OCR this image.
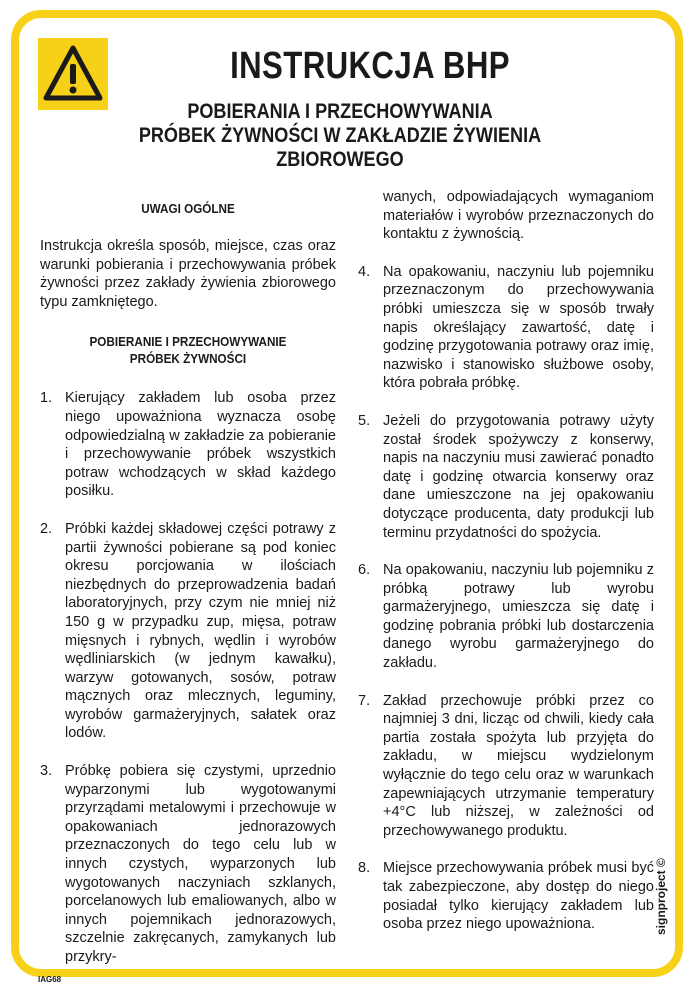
INSTRUKCJA BHP
POBIERANIA I PRZECHOWYWANIA
PRÓBEK ŻYWNOŚCI W ZAKŁADZIE ŻYWIENIA ZBIOROWEGO
UWAGI OGÓLNE

Instrukcja określa sposób, miejsce, czas oraz warunki pobierania i przechowywania próbek żywności przez zakłady żywienia zbiorowego typu zamkniętego.

POBIERANIE I PRZECHOWYWANIE
PRÓBEK ŻYWNOŚCI
1. Kierujący zakładem lub osoba przez niego upoważniona wyznacza osobę odpowiedzialną w zakładzie za pobieranie i przechowywanie próbek wszystkich potraw wchodzących w skład każdego posiłku.
2. Próbki każdej składowej części potrawy z partii żywności pobierane są pod koniec okresu porcjowania w ilościach niezbędnych do przeprowadzenia badań laboratoryjnych, przy czym nie mniej niż 150 g w przypadku zup, mięsa, potraw mięsnych i rybnych, wędlin i wyrobów wędliniarskich (w jednym kawałku), warzyw gotowanych, sosów, potraw mącznych oraz mlecznych, leguminy, wyrobów garmażeryjnych, sałatek oraz lodów.
3. Próbkę pobiera się czystymi, uprzednio wyparzonymi lub wygotowanymi przyrządami metalowymi i przechowuje w opakowaniach jednorazowych przeznaczonych do tego celu lub w innych czystych, wyparzonych lub wygotowanych naczyniach szklanych, porcelanowych lub emaliowanych, albo w innych pojemnikach jednorazowych, szczelnie zakręcanych, zamykanych lub przykry-

wanych, odpowiadających wymaganiom materiałów i wyrobów przeznaczonych do kontaktu z żywnością.

4. Na opakowaniu, naczyniu lub pojemniku przeznaczonym do przechowywania próbki umieszcza się w sposób trwały napis określający zawartość, datę i godzinę przygotowania potrawy oraz imię, nazwisko i stanowisko służbowe osoby, która pobrała próbkę.
5. Jeżeli do przygotowania potrawy użyty został środek spożywczy z konserwy, napis na naczyniu musi zawierać ponadto datę i godzinę otwarcia konserwy oraz dane umieszczone na jej opakowaniu dotyczące producenta, daty produkcji lub terminu przydatności do spożycia.
6. Na opakowaniu, naczyniu lub pojemniku z próbką potrawy lub wyrobu garmażeryjnego, umieszcza się datę i godzinę pobrania próbki lub dostarczenia danego wyrobu garmażeryjnego do zakładu.
7. Zakład przechowuje próbki przez co najmniej 3 dni, licząc od chwili, kiedy cała partia została spożyta lub przyjęta do zakładu, w miejscu wydzielonym wyłącznie do tego celu oraz w warunkach zapewniających utrzymanie temperatury +4°C lub niższej, w zależności od przechowywanego produktu.
8. Miejsce przechowywania próbek musi być tak zabezpieczone, aby dostęp do niego posiadał tylko kierujący zakładem lub osoba przez niego upoważniona.	signproject ©
IAG68
